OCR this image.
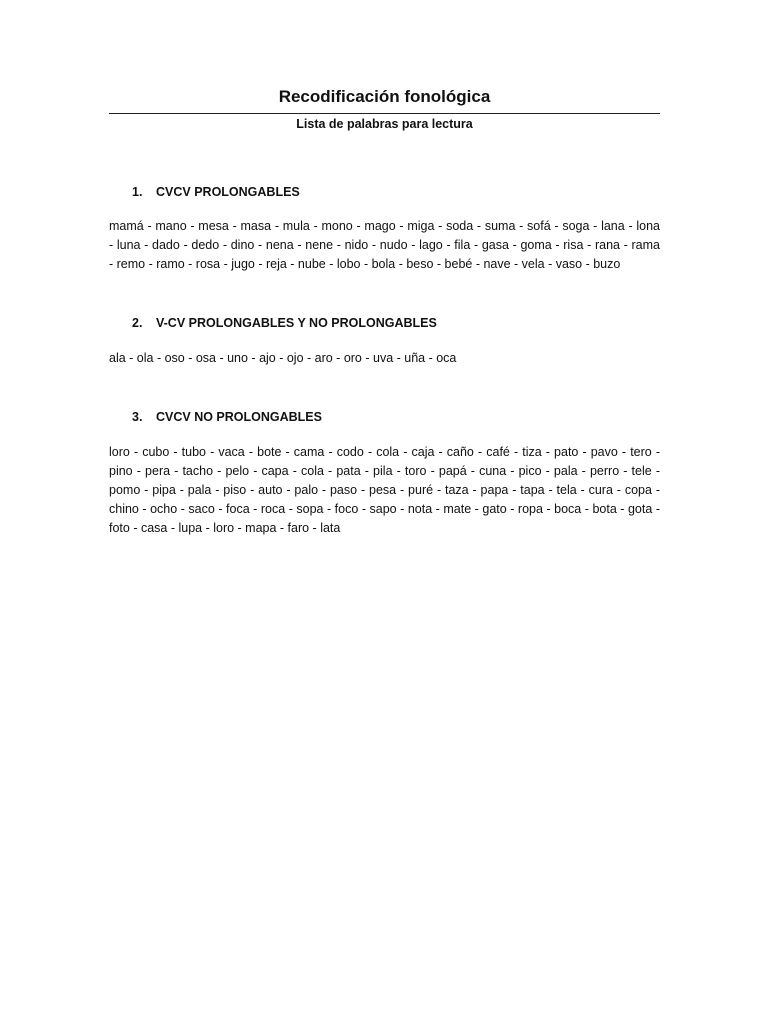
Recodificación fonológica

Lista de palabras para lectura

1.	CVCV PROLONGABLES

mamá - mano - mesa - masa - mula - mono - mago - miga - soda - suma - sofá - soga - lana - lona - luna - dado - dedo - dino - nena - nene - nido - nudo - lago - fila - gasa - goma - risa - rana - rama - remo - ramo - rosa - jugo - reja - nube - lobo - bola - beso - bebé - nave - vela - vaso - buzo

2.	V-CV PROLONGABLES Y NO PROLONGABLES

ala - ola - oso - osa - uno - ajo - ojo - aro - oro - uva - uña - oca

3.	CVCV NO PROLONGABLES

loro - cubo - tubo - vaca - bote - cama - codo - cola - caja - caño - café - tiza - pato - pavo - tero - pino - pera - tacho - pelo - capa - cola - pata - pila - toro - papá - cuna - pico - pala - perro - tele - pomo - pipa - pala - piso - auto - palo - paso - pesa - puré - taza - papa - tapa - tela - cura - copa - chino - ocho - saco - foca - roca - sopa - foco - sapo - nota - mate - gato - ropa - boca - bota - gota - foto - casa - lupa - loro - mapa - faro - lata
